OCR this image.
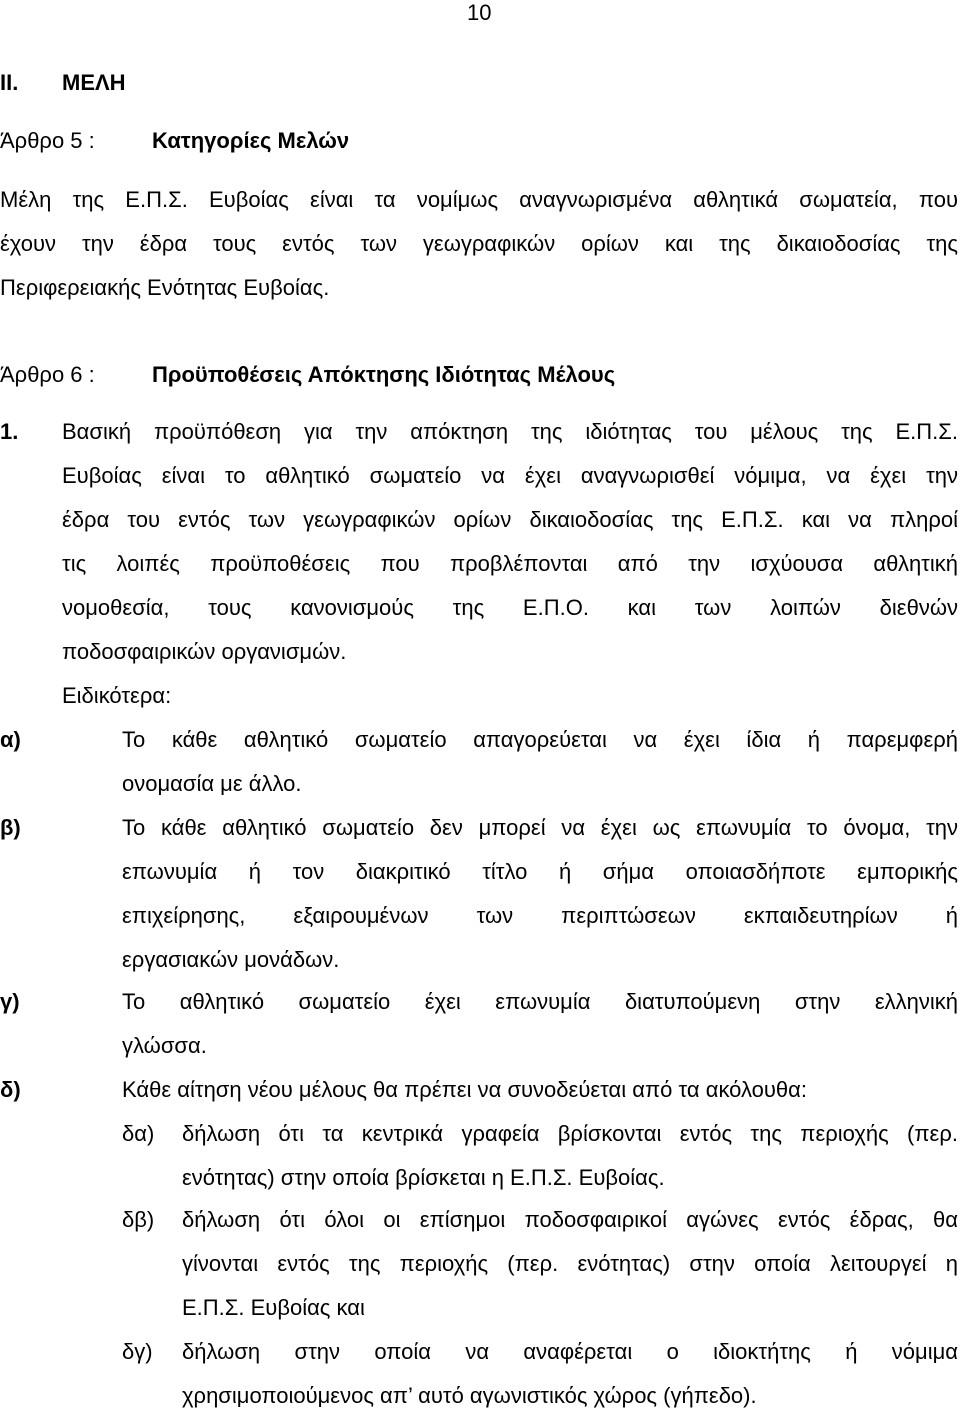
10
II. ΜΕΛΗ
Άρθρο 5 :	Κατηγορίες Μελών
Μέλη της Ε.Π.Σ. Ευβοίας είναι τα νομίμως αναγνωρισμένα αθλητικά σωματεία, που
έχουν την έδρα τους εντός των γεωγραφικών ορίων και της δικαιοδοσίας της
Περιφερειακής Ενότητας Ευβοίας.
Άρθρο 6 :	Προϋποθέσεις Απόκτησης Ιδιότητας Μέλους
1. Βασική προϋπόθεση για την απόκτηση της ιδιότητας του μέλους της Ε.Π.Σ.
Ευβοίας είναι το αθλητικό σωματείο να έχει αναγνωρισθεί νόμιμα, να έχει την
έδρα του εντός των γεωγραφικών ορίων δικαιοδοσίας της Ε.Π.Σ. και να πληροί
τις λοιπές προϋποθέσεις που προβλέπονται από την ισχύουσα αθλητική
νομοθεσία, τους κανονισμούς της Ε.Π.Ο. και των λοιπών διεθνών
ποδοσφαιρικών οργανισμών.
Ειδικότερα:
α)	Το κάθε αθλητικό σωματείο απαγορεύεται να έχει ίδια ή παρεμφερή
ονομασία με άλλο.
β)	Το κάθε αθλητικό σωματείο δεν μπορεί να έχει ως επωνυμία το όνομα, την
επωνυμία ή τον διακριτικό τίτλο ή σήμα οποιασδήποτε εμπορικής
επιχείρησης, εξαιρουμένων των περιπτώσεων εκπαιδευτηρίων ή
εργασιακών μονάδων.
γ)	Το αθλητικό σωματείο έχει επωνυμία διατυπούμενη στην ελληνική
γλώσσα.
δ)	Κάθε αίτηση νέου μέλους θα πρέπει να συνοδεύεται από τα ακόλουθα:
δα) δήλωση ότι τα κεντρικά γραφεία βρίσκονται εντός της περιοχής (περ.
ενότητας) στην οποία βρίσκεται η Ε.Π.Σ. Ευβοίας.
δβ) δήλωση ότι όλοι οι επίσημοι ποδοσφαιρικοί αγώνες εντός έδρας, θα
γίνονται εντός της περιοχής (περ. ενότητας) στην οποία λειτουργεί η
Ε.Π.Σ. Ευβοίας και
δγ) δήλωση στην οποία να αναφέρεται ο ιδιοκτήτης ή νόμιμα
χρησιμοποιούμενος απ’ αυτό αγωνιστικός χώρος (γήπεδο).
